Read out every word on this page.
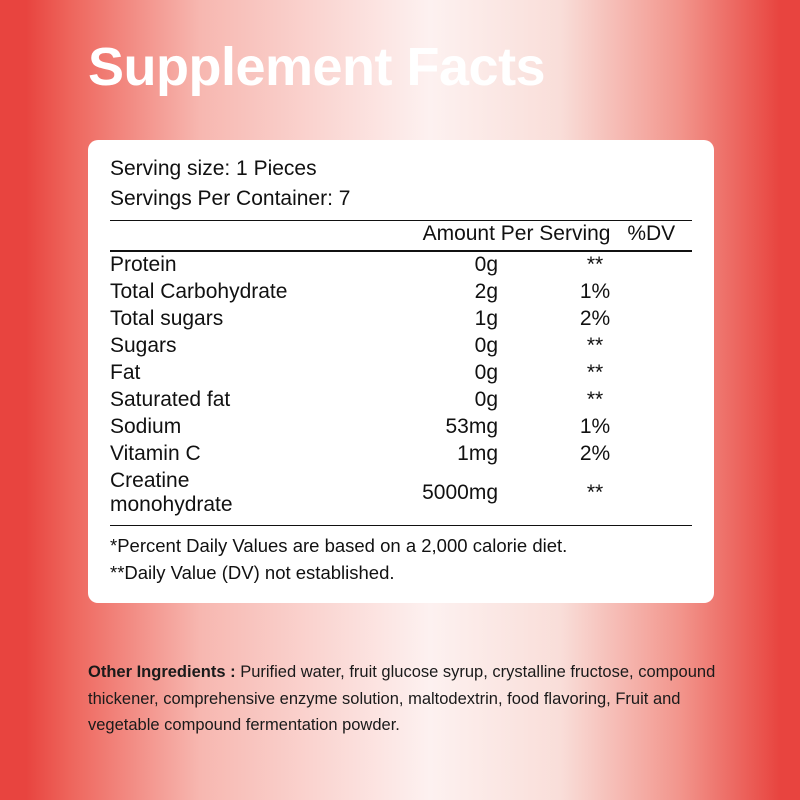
Supplement Facts
Serving size: 1 Pieces
Servings Per Container: 7
	Amount Per Serving	%DV
Protein	0g	**
Total Carbohydrate	2g	1%
Total sugars	1g	2%
Sugars	0g	**
Fat	0g	**
Saturated fat	0g	**
Sodium	53mg	1%
Vitamin C	1mg	2%
Creatine monohydrate	5000mg	**
*Percent Daily Values are based on a 2,000 calorie diet.
**Daily Value (DV) not established.
Other Ingredients : Purified water, fruit glucose syrup, crystalline fructose, compound thickener, comprehensive enzyme solution, maltodextrin, food flavoring, Fruit and vegetable compound fermentation powder.
